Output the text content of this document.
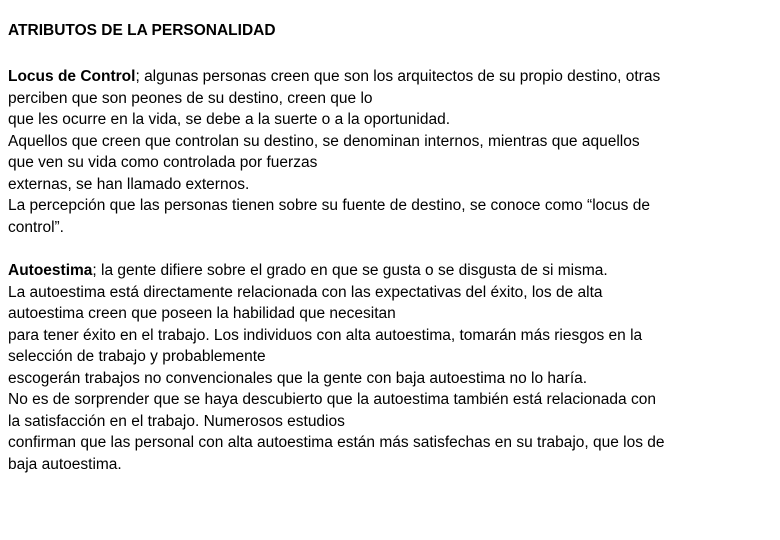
ATRIBUTOS DE LA PERSONALIDAD
Locus de Control; algunas personas creen que son los arquitectos de su propio destino, otras
perciben que son peones de su destino, creen que lo
que les ocurre en la vida, se debe a la suerte o a la oportunidad.
Aquellos que creen que controlan su destino, se denominan internos, mientras que aquellos
que ven su vida como controlada por fuerzas
externas, se han llamado externos.
La percepción que las personas tienen sobre su fuente de destino, se conoce como “locus de
control”.
Autoestima; la gente difiere sobre el grado en que se gusta o se disgusta de si misma.
La autoestima está directamente relacionada con las expectativas del éxito, los de alta
autoestima creen que poseen la habilidad que necesitan
para tener éxito en el trabajo. Los individuos con alta autoestima, tomarán más riesgos en la
selección de trabajo y probablemente
escogerán trabajos no convencionales que la gente con baja autoestima no lo haría.
No es de sorprender que se haya descubierto que la autoestima también está relacionada con
la satisfacción en el trabajo. Numerosos estudios
confirman que las personal con alta autoestima están más satisfechas en su trabajo, que los de
baja autoestima.
